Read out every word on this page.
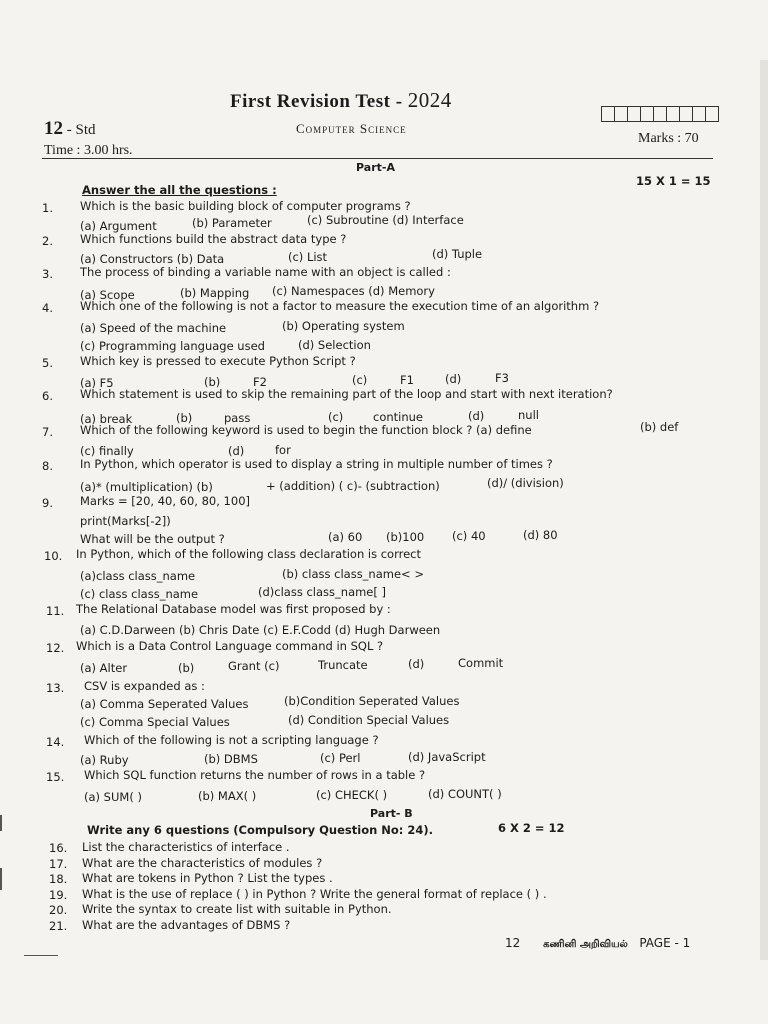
First Revision Test - 2024
12 - Std	Computer Science
Time : 3.00 hrs.
Marks : 70
Part-A
Answer the all the questions :
15 X 1 = 15
1. Which is the basic building block of computer programs ?
(a) Argument	(b) Parameter	(c) Subroutine (d) Interface
2. Which functions build the abstract data type ?
(a) Constructors (b) Data	(c) List	(d) Tuple
3. The process of binding a variable name with an object is called :
(a) Scope	(b) Mapping (c) Namespaces (d) Memory
4. Which one of the following is not a factor to measure the execution time of an algorithm ?
(a) Speed of the machine	(b) Operating system
(c) Programming language used	(d) Selection
5. Which key is pressed to execute Python Script ?
(a) F5	(b)	F2	(c)	F1	(d)	F3
6. Which statement is used to skip the remaining part of the loop and start with next iteration?
(a) break	(b)	pass	(c)	continue	(d)	null
7. Which of the following keyword is used to begin the function block ? (a) define	(b) def
(c) finally	(d)	for
8. In Python, which operator is used to display a string in multiple number of times ?
(a)* (multiplication) (b)	+ (addition) ( c)- (subtraction)	(d)/ (division)
9. Marks = [20, 40, 60, 80, 100]
print(Marks[-2])
What will be the output ?	(a) 60 (b)100 (c) 40	(d) 80
10. In Python, which of the following class declaration is correct
(a)class class_name	(b) class class_name< >
(c) class class_name	(d)class class_name[ ]
11. The Relational Database model was first proposed by :
(a) C.D.Darween (b) Chris Date (c) E.F.Codd (d) Hugh Darween
12. Which is a Data Control Language command in SQL ?
(a) Alter	(b)	Grant (c)	Truncate	(d)	Commit
13. CSV is expanded as :
(a) Comma Seperated Values	(b)Condition Seperated Values
(c) Comma Special Values	(d) Condition Special Values
14. Which of the following is not a scripting language ?
(a) Ruby	(b) DBMS	(c) Perl	(d) JavaScript
15. Which SQL function returns the number of rows in a table ?
(a) SUM( )	(b) MAX( )	(c) CHECK( )	(d) COUNT( )
Part- B
Write any 6 questions (Compulsory Question No: 24).	6 X 2 = 12
16. List the characteristics of interface .
17. What are the characteristics of modules ?
18. What are tokens in Python ? List the types .
19. What is the use of replace ( ) in Python ? Write the general format of replace ( ) .
20. Write the syntax to create list with suitable in Python.
21. What are the advantages of DBMS ?
12 கணினி அறிவியல் PAGE - 1
